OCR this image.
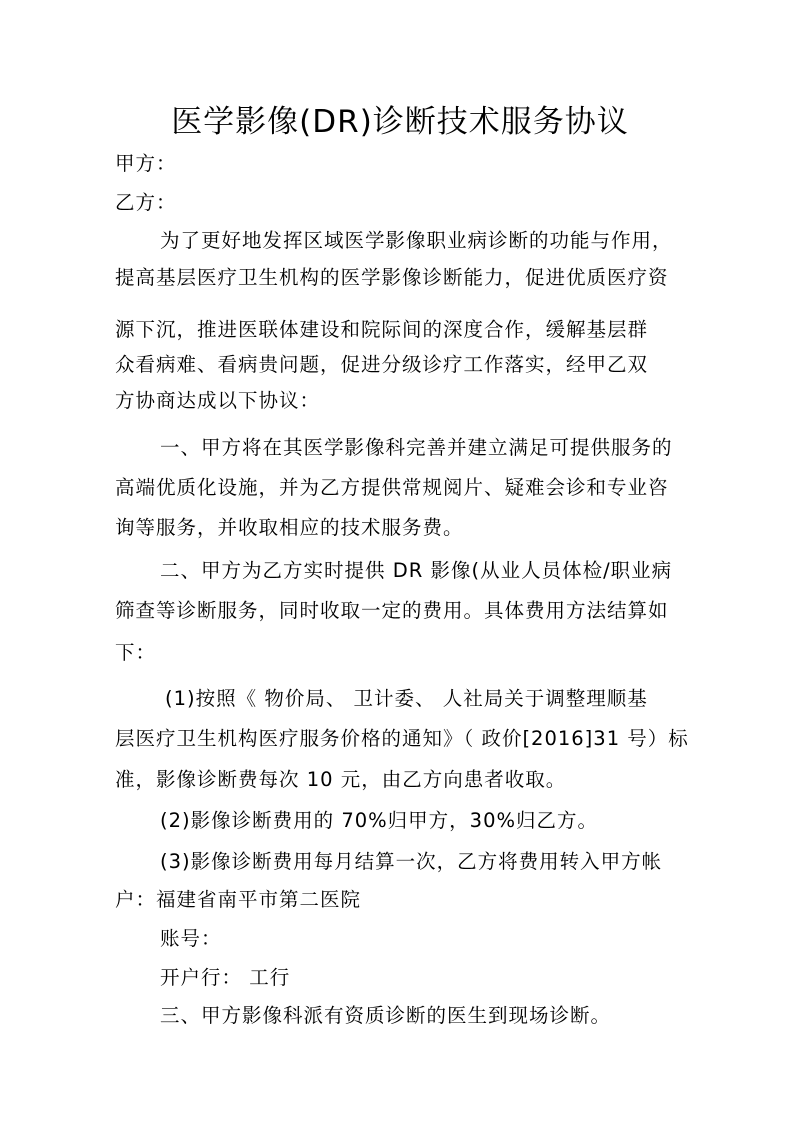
医学影像(DR)诊断技术服务协议
甲方：
乙方：
为了更好地发挥区域医学影像职业病诊断的功能与作用，
提高基层医疗卫生机构的医学影像诊断能力，促进优质医疗资
源下沉，推进医联体建设和院际间的深度合作，缓解基层群
众看病难、看病贵问题，促进分级诊疗工作落实，经甲乙双
方协商达成以下协议：
一、甲方将在其医学影像科完善并建立满足可提供服务的
高端优质化设施，并为乙方提供常规阅片、疑难会诊和专业咨
询等服务，并收取相应的技术服务费。
二、甲方为乙方实时提供 DR 影像(从业人员体检/职业病
筛查等诊断服务，同时收取一定的费用。具体费用方法结算如
下：
(1)按照《 物价局、 卫计委、 人社局关于调整理顺基
层医疗卫生机构医疗服务价格的通知》（ 政价[2016]31 号）标
准，影像诊断费每次 10 元，由乙方向患者收取。
(2)影像诊断费用的 70%归甲方，30%归乙方。
(3)影像诊断费用每月结算一次，乙方将费用转入甲方帐
户：福建省南平市第二医院
账号：
开户行： 工行
三、甲方影像科派有资质诊断的医生到现场诊断。
